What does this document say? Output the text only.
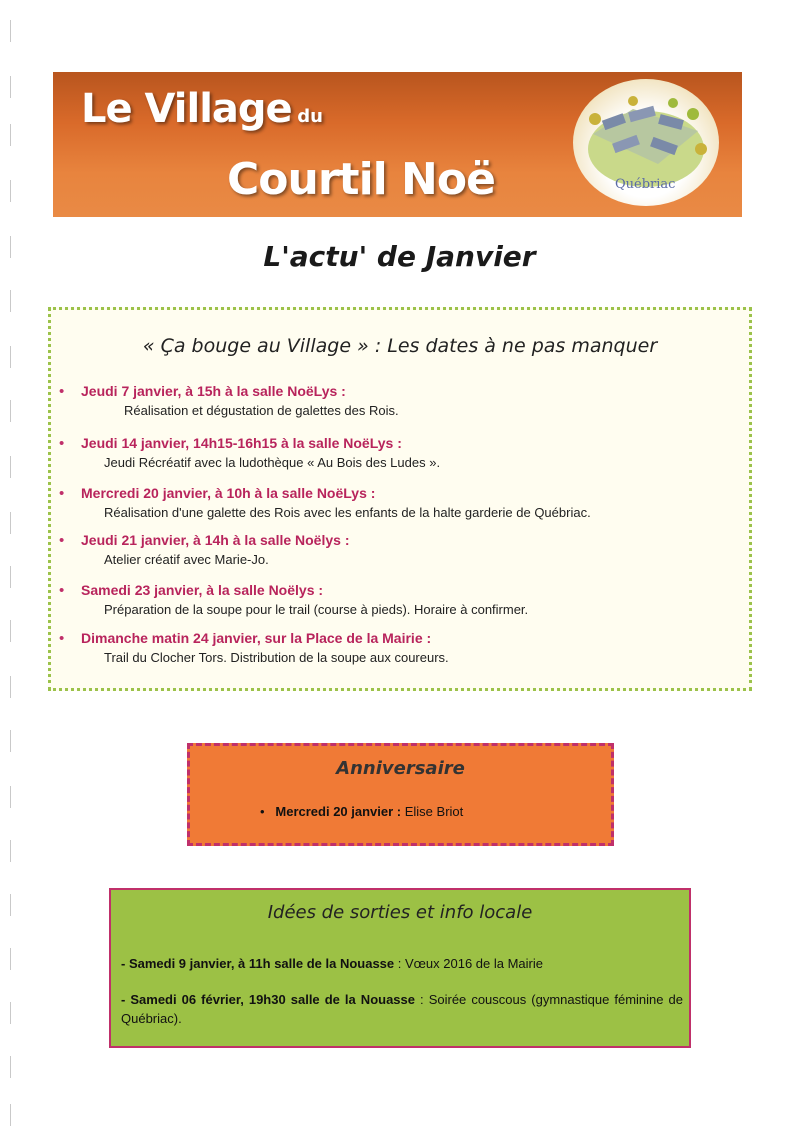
Le Village du
Courtil Noë	Québriac
L'actu' de Janvier
« Ça bouge au Village » : Les dates à ne pas manquer
• Jeudi 7 janvier, à 15h à la salle NoëLys :
Réalisation et dégustation de galettes des Rois.
• Jeudi 14 janvier, 14h15-16h15 à la salle NoëLys :
Jeudi Récréatif avec la ludothèque « Au Bois des Ludes ».
• Mercredi 20 janvier, à 10h à la salle NoëLys :
Réalisation d'une galette des Rois avec les enfants de la halte garderie de Québriac.
• Jeudi 21 janvier, à 14h à la salle Noëlys :
Atelier créatif avec Marie-Jo.
• Samedi 23 janvier, à la salle Noëlys :
Préparation de la soupe pour le trail (course à pieds). Horaire à confirmer.
• Dimanche matin 24 janvier, sur la Place de la Mairie :
Trail du Clocher Tors. Distribution de la soupe aux coureurs.
Anniversaire
•   Mercredi 20 janvier : Elise Briot
Idées de sorties et info locale
- Samedi 9 janvier, à 11h salle de la Nouasse : Vœux 2016 de la Mairie
- Samedi 06 février, 19h30 salle de la Nouasse : Soirée couscous (gymnastique féminine de Québriac).
